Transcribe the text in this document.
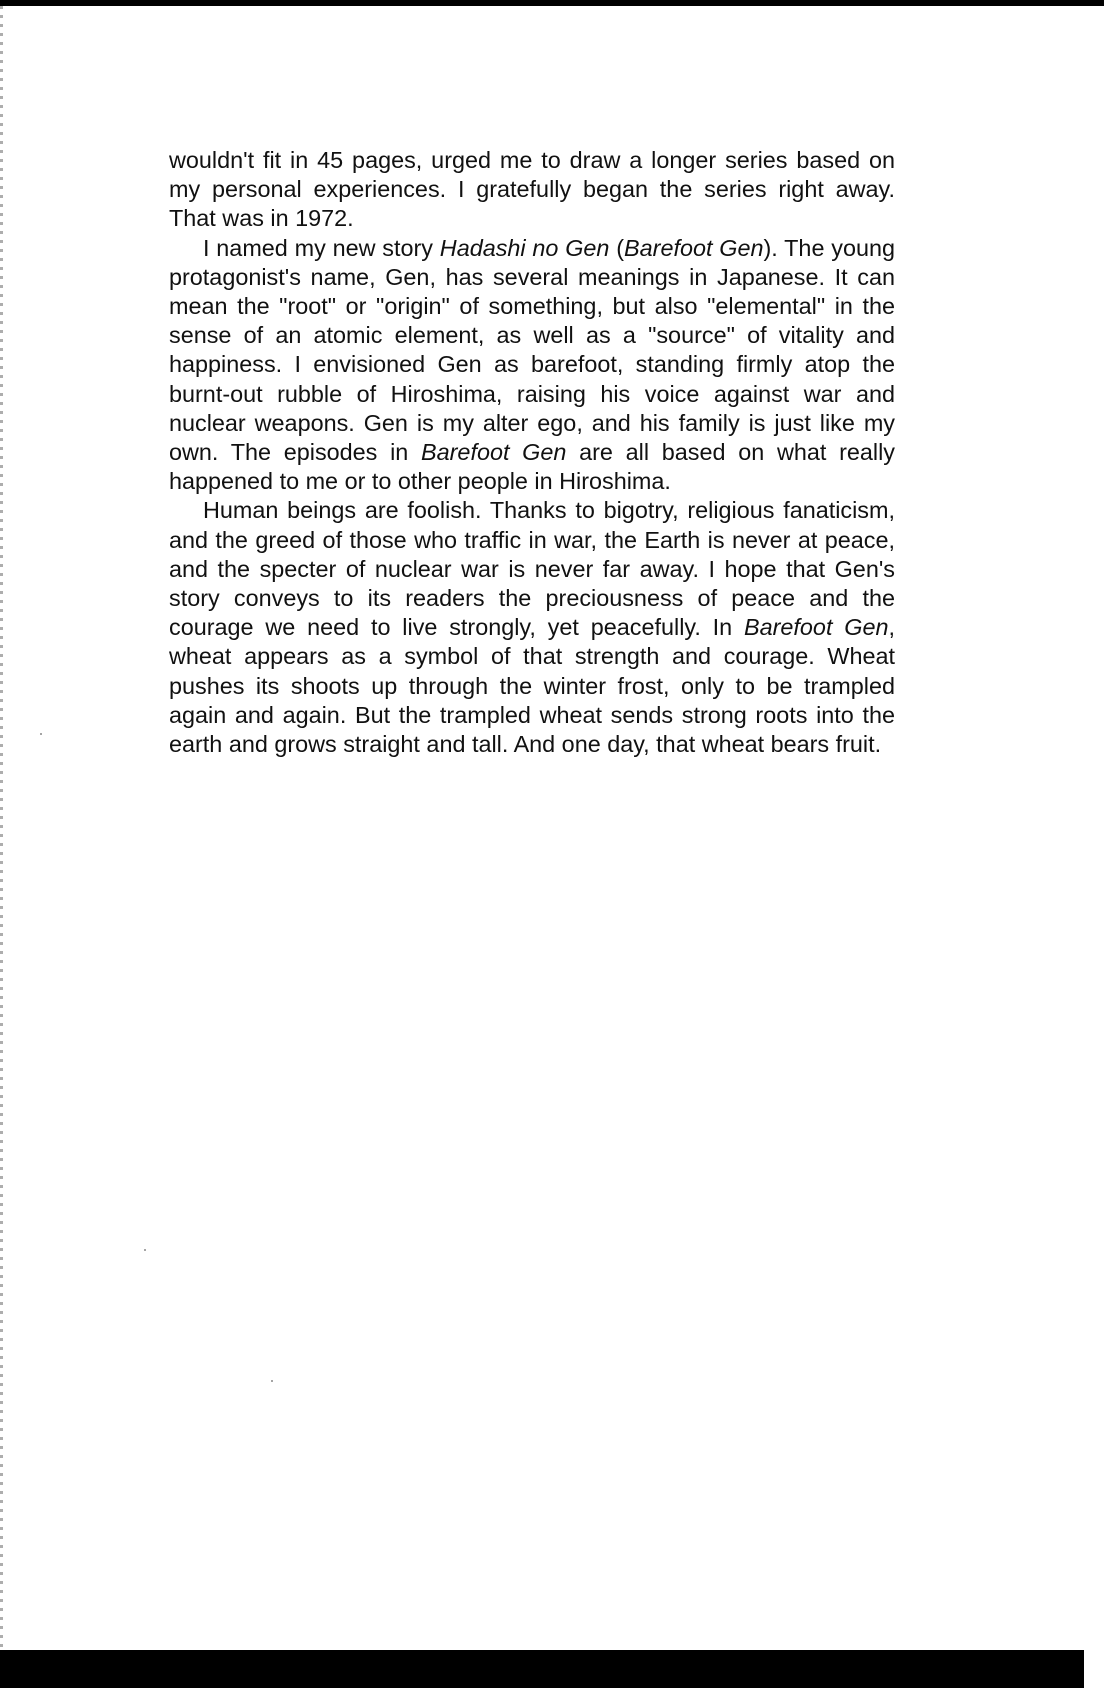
wouldn't fit in 45 pages, urged me to draw a longer series based on my personal experiences. I gratefully began the series right away. That was in 1972.

I named my new story Hadashi no Gen (Barefoot Gen). The young protagonist's name, Gen, has several meanings in Japanese. It can mean the "root" or "origin" of something, but also "elemental" in the sense of an atomic element, as well as a "source" of vitality and happiness. I envisioned Gen as barefoot, standing firmly atop the burnt-out rubble of Hiroshima, raising his voice against war and nuclear weapons. Gen is my alter ego, and his family is just like my own. The episodes in Barefoot Gen are all based on what really happened to me or to other people in Hiroshima.

Human beings are foolish. Thanks to bigotry, religious fanaticism, and the greed of those who traffic in war, the Earth is never at peace, and the specter of nuclear war is never far away. I hope that Gen's story conveys to its readers the preciousness of peace and the courage we need to live strongly, yet peacefully. In Barefoot Gen, wheat appears as a symbol of that strength and courage. Wheat pushes its shoots up through the winter frost, only to be trampled again and again. But the trampled wheat sends strong roots into the earth and grows straight and tall. And one day, that wheat bears fruit.
